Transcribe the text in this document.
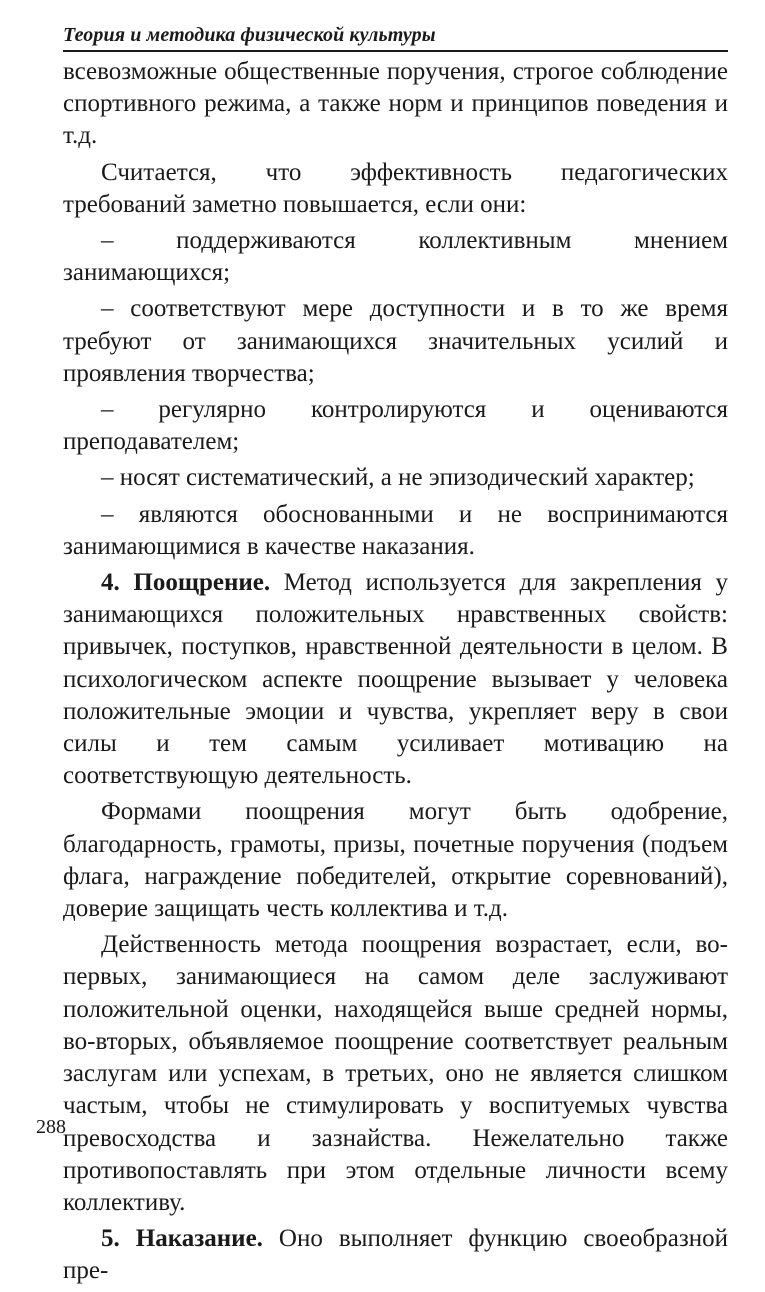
Теория и методика физической культуры

всевозможные общественные поручения, строгое соблюдение спортивного режима, а также норм и принципов поведения и т.д.

Считается, что эффективность педагогических требований заметно повышается, если они:

– поддерживаются коллективным мнением занимающихся;

– соответствуют мере доступности и в то же время требуют от занимающихся значительных усилий и проявления творчества;

– регулярно контролируются и оцениваются преподавателем;

– носят систематический, а не эпизодический характер;

– являются обоснованными и не воспринимаются занимающимися в качестве наказания.

4. Поощрение. Метод используется для закрепления у занимающихся положительных нравственных свойств: привычек, поступков, нравственной деятельности в целом. В психологическом аспекте поощрение вызывает у человека положительные эмоции и чувства, укрепляет веру в свои силы и тем самым усиливает мотивацию на соответствующую деятельность.

Формами поощрения могут быть одобрение, благодарность, грамоты, призы, почетные поручения (подъем флага, награждение победителей, открытие соревнований), доверие защищать честь коллектива и т.д.

Действенность метода поощрения возрастает, если, во-первых, занимающиеся на самом деле заслуживают положительной оценки, находящейся выше средней нормы, во-вторых, объявляемое поощрение соответствует реальным заслугам или успехам, в третьих, оно не является слишком частым, чтобы не стимулировать у воспитуемых чувства превосходства и зазнайства. Нежелательно также противопоставлять при этом отдельные личности всему коллективу.

5. Наказание. Оно выполняет функцию своеобразной пре-

288
